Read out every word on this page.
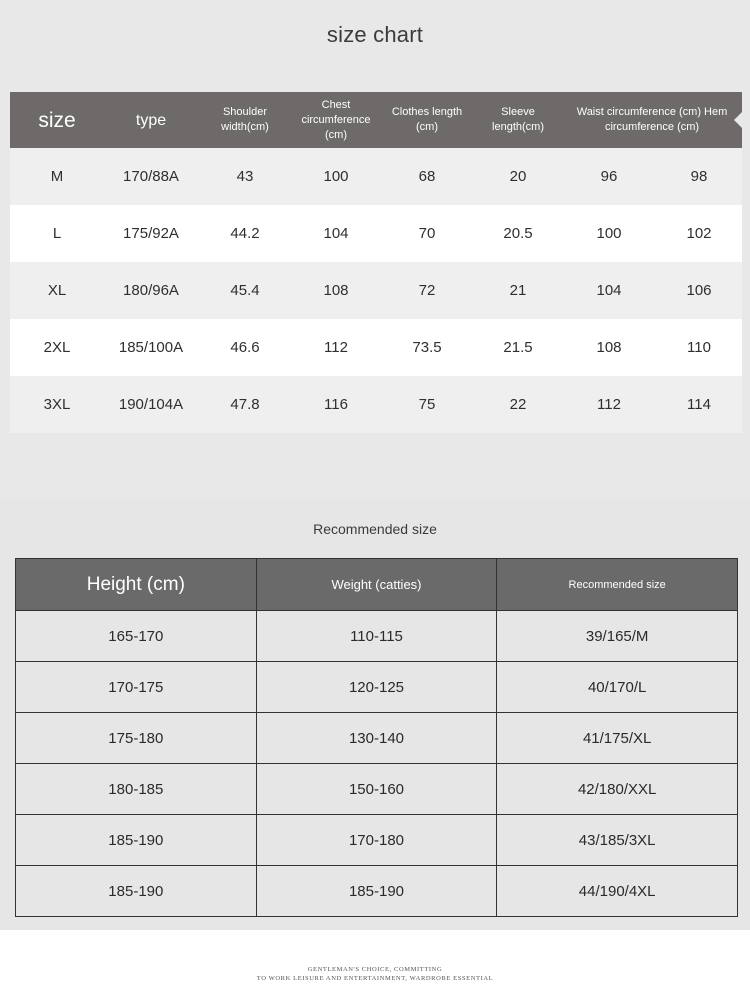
size chart
size	type	Shoulder width(cm)	Chest circumference (cm)	Clothes length (cm)	Sleeve length(cm)	Waist circumference (cm) Hem circumference (cm)	
M	170/88A	43	100	68	20	96	98
L	175/92A	44.2	104	70	20.5	100	102
XL	180/96A	45.4	108	72	21	104	106
2XL	185/100A	46.6	112	73.5	21.5	108	110
3XL	190/104A	47.8	116	75	22	112	114
Recommended size
Height (cm)	Weight (catties)	Recommended size
165-170	110-115	39/165/M
170-175	120-125	40/170/L
175-180	130-140	41/175/XL
180-185	150-160	42/180/XXL
185-190	170-180	43/185/3XL
185-190	185-190	44/190/4XL
GENTLEMAN'S CHOICE, COMMITTING
TO WORK LEISURE AND ENTERTAINMENT, WARDROBE ESSENTIAL
